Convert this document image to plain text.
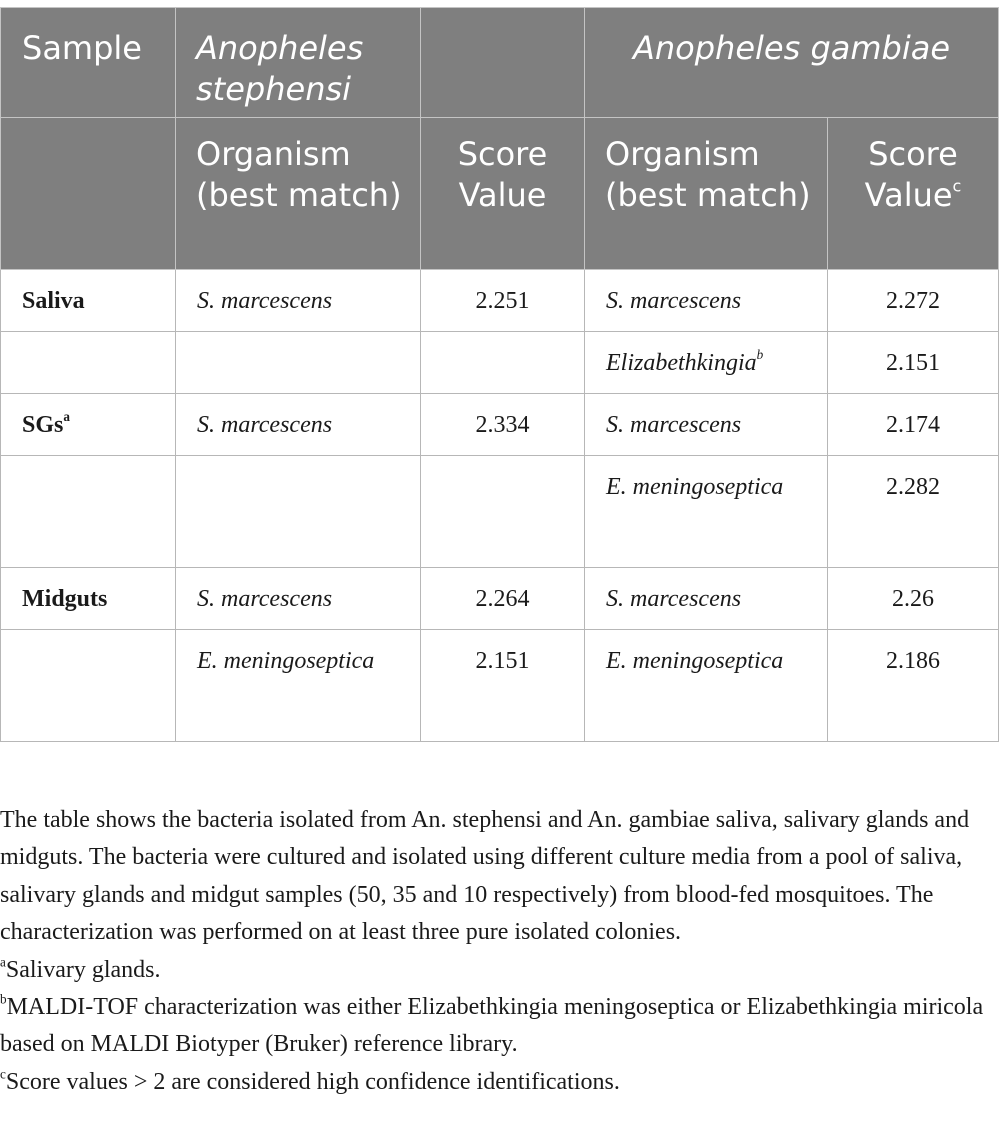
Sample	Anopheles stephensi		Anopheles gambiae	
	Organism (best match)	Score Value	Organism (best match)	Score Value$^c$
Saliva	S. marcescens	2.251	S. marcescens	2.272
			Elizabethkingia$^b$	2.151
SGs$^a$	S. marcescens	2.334	S. marcescens	2.174
			E. meningoseptica	2.282
Midguts	S. marcescens	2.264	S. marcescens	2.26
	E. meningoseptica	2.151	E. meningoseptica	2.186

The table shows the bacteria isolated from An. stephensi and An. gambiae saliva, salivary glands and midguts. The bacteria were cultured and isolated using different culture media from a pool of saliva, salivary glands and midgut samples (50, 35 and 10 respectively) from blood-fed mosquitoes. The characterization was performed on at least three pure isolated colonies.

$^a$Salivary glands.

$^b$MALDI-TOF characterization was either Elizabethkingia meningoseptica or Elizabethkingia miricola based on MALDI Biotyper (Bruker) reference library.

$^c$Score values > 2 are considered high confidence identifications.
